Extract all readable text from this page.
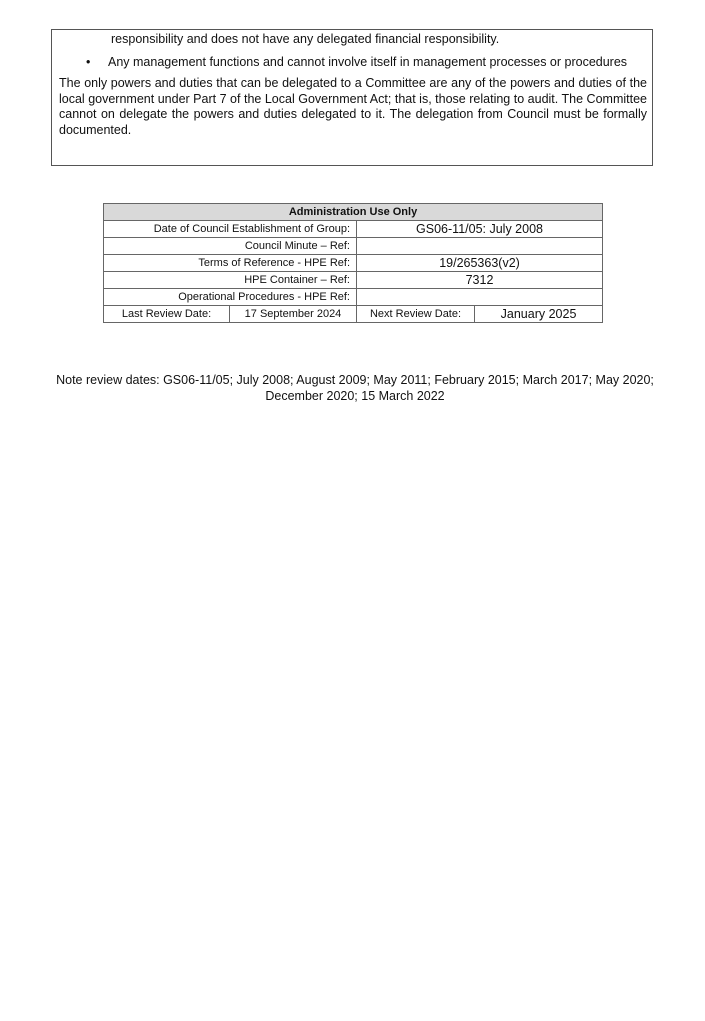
responsibility and does not have any delegated financial responsibility.
• Any management functions and cannot involve itself in management processes or procedures

The only powers and duties that can be delegated to a Committee are any of the powers and duties of the local government under Part 7 of the Local Government Act; that is, those relating to audit. The Committee cannot on delegate the powers and duties delegated to it. The delegation from Council must be formally documented.

Administration Use Only			
Date of Council Establishment of Group:		GS06-11/05: July 2008	
Council Minute – Ref:			
Terms of Reference - HPE Ref:		19/265363(v2)	
HPE Container – Ref:		7312	
Operational Procedures - HPE Ref:			
Last Review Date:	17 September 2024	Next Review Date:	January 2025
Note review dates: GS06-11/05; July 2008; August 2009; May 2011; February 2015; March 2017; May 2020;
December 2020; 15 March 2022
